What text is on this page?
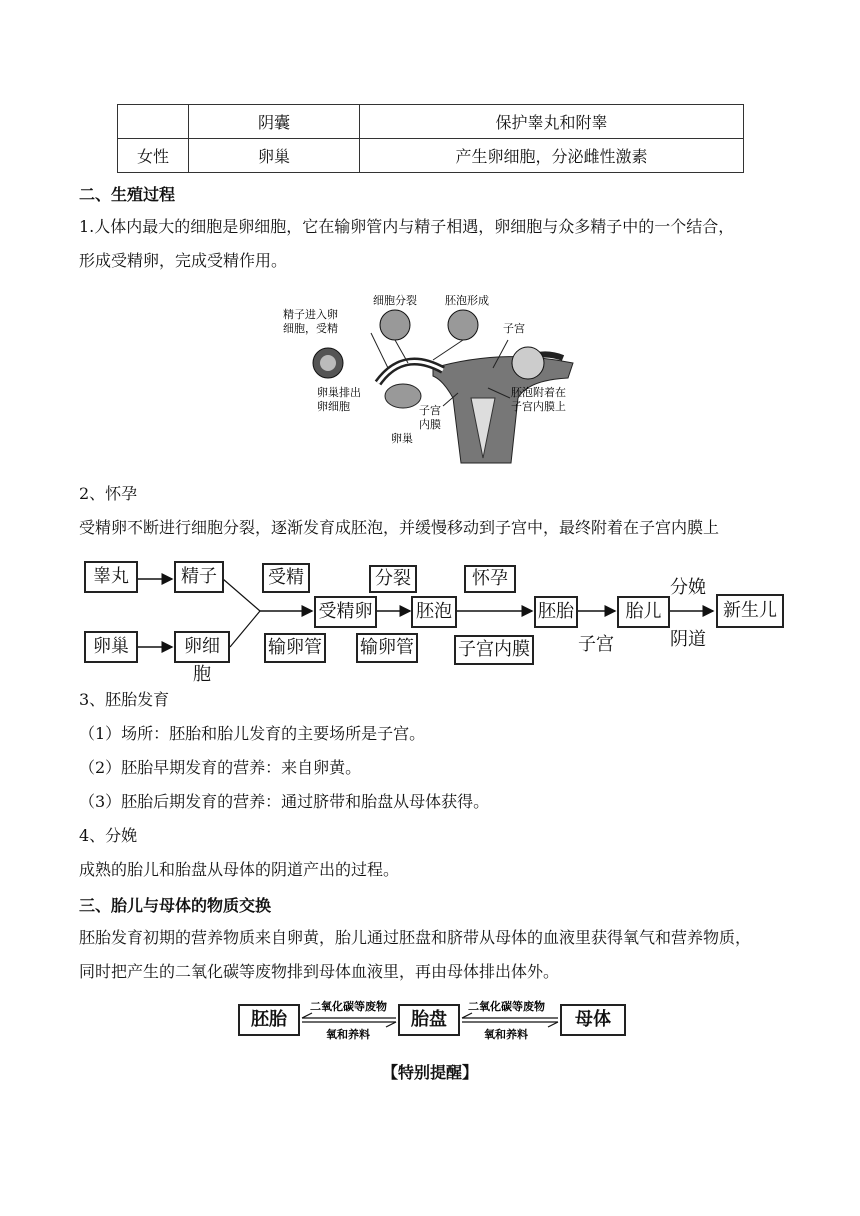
	阴囊	保护睾丸和附睾
女性	卵巢	产生卵细胞，分泌雌性激素
二、生殖过程
1.人体内最大的细胞是卵细胞，它在输卵管内与精子相遇，卵细胞与众多精子中的一个结合，
形成受精卵，完成受精作用。
精子进入卵
细胞，受精
细胞分裂	胚泡形成
子宫
卵巢排出
卵细胞
胚泡附着在
子宫内膜上
子宫
内膜
卵巢
2、怀孕
受精卵不断进行细胞分裂，逐渐发育成胚泡，并缓慢移动到子宫中，最终附着在子宫内膜上
睾丸	精子
卵巢	卵细胞
受精
输卵管
受精卵
分裂
输卵管
胚泡
怀孕
子宫内膜
胚胎
子宫
胎儿
分娩
阴道
新生儿
3、胚胎发育
（1）场所：胚胎和胎儿发育的主要场所是子宫。
（2）胚胎早期发育的营养：来自卵黄。
（3）胚胎后期发育的营养：通过脐带和胎盘从母体获得。
4、分娩
成熟的胎儿和胎盘从母体的阴道产出的过程。
三、胎儿与母体的物质交换
胚胎发育初期的营养物质来自卵黄，胎儿通过胚盘和脐带从母体的血液里获得氧气和营养物质，
同时把产生的二氧化碳等废物排到母体血液里，再由母体排出体外。
二氧化碳等废物
氧和养料
二氧化碳等废物
氧和养料
胚胎	胎盘	母体
【特别提醒】
